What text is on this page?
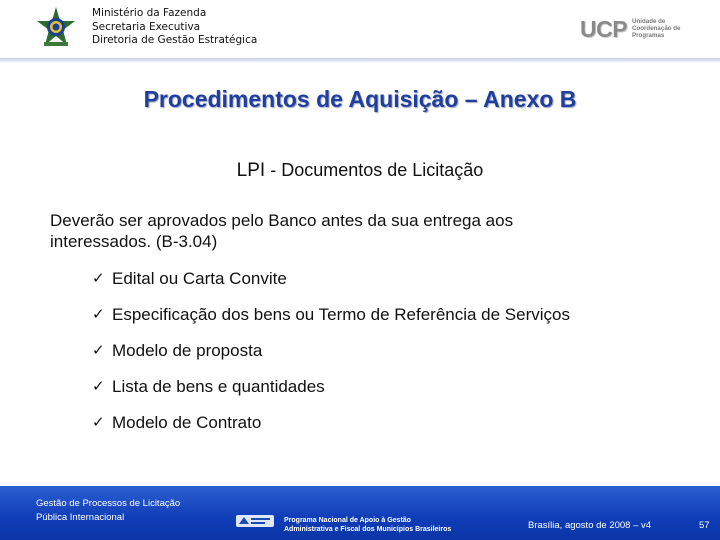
Ministério da Fazenda
Secretaria Executiva
Diretoria de Gestão Estratégica	UCP Unidade de Coordenação de Programas
Procedimentos de Aquisição – Anexo B
LPI - Documentos de Licitação
Deverão ser aprovados pelo Banco antes da sua entrega aos
interessados. (B-3.04)
✓ Edital ou Carta Convite
✓ Especificação dos bens ou Termo de Referência de Serviços
✓ Modelo de proposta
✓ Lista de bens e quantidades
✓ Modelo de Contrato
Gestão de Processos de Licitação
Pública Internacional	Programa Nacional de Apoio à Gestão
Administrativa e Fiscal dos Municípios Brasileiros	Brasília, agosto de 2008 – v4	57
